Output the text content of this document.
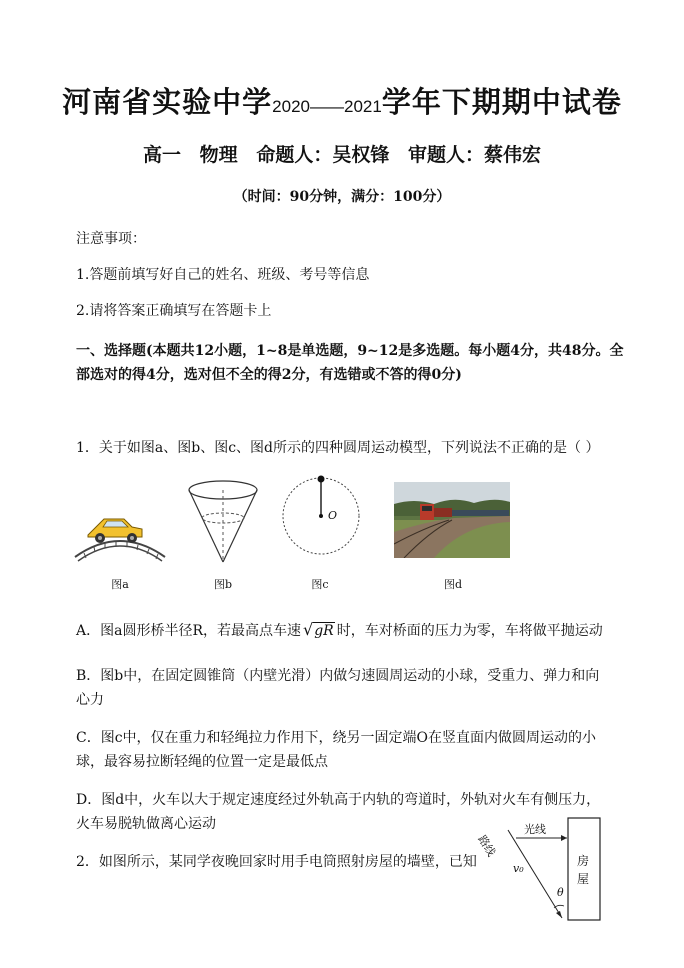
河南省实验中学2020——2021学年下期期中试卷
高一 物理 命题人：吴权锋 审题人：蔡伟宏
（时间：90分钟，满分：100分）
注意事项：
1.答题前填写好自己的姓名、班级、考号等信息
2.请将答案正确填写在答题卡上
一、选择题(本题共12小题，1~8是单选题，9~12是多选题。每小题4分，共48分。全
部选对的得4分，选对但不全的得2分，有选错或不答的得0分)
1．关于如图a、图b、图c、图d所示的四种圆周运动模型，下列说法不正确的是（ ）
图a	图b
O
图c	图d
A．图a圆形桥半径R，若最高点车速 √gR 时，车对桥面的压力为零，车将做平抛运动
B．图b中，在固定圆锥筒（内壁光滑）内做匀速圆周运动的小球，受重力、弹力和向
心力
C．图c中，仅在重力和轻绳拉力作用下，绕另一固定端O在竖直面内做圆周运动的小
球，最容易拉断轻绳的位置一定是最低点
D．图d中，火车以大于规定速度经过外轨高于内轨的弯道时，外轨对火车有侧压力，
火车易脱轨做离心运动
2．如图所示，某同学夜晚回家时用手电筒照射房屋的墙壁，已知
光线
路线
v₀
θ
房
屋
